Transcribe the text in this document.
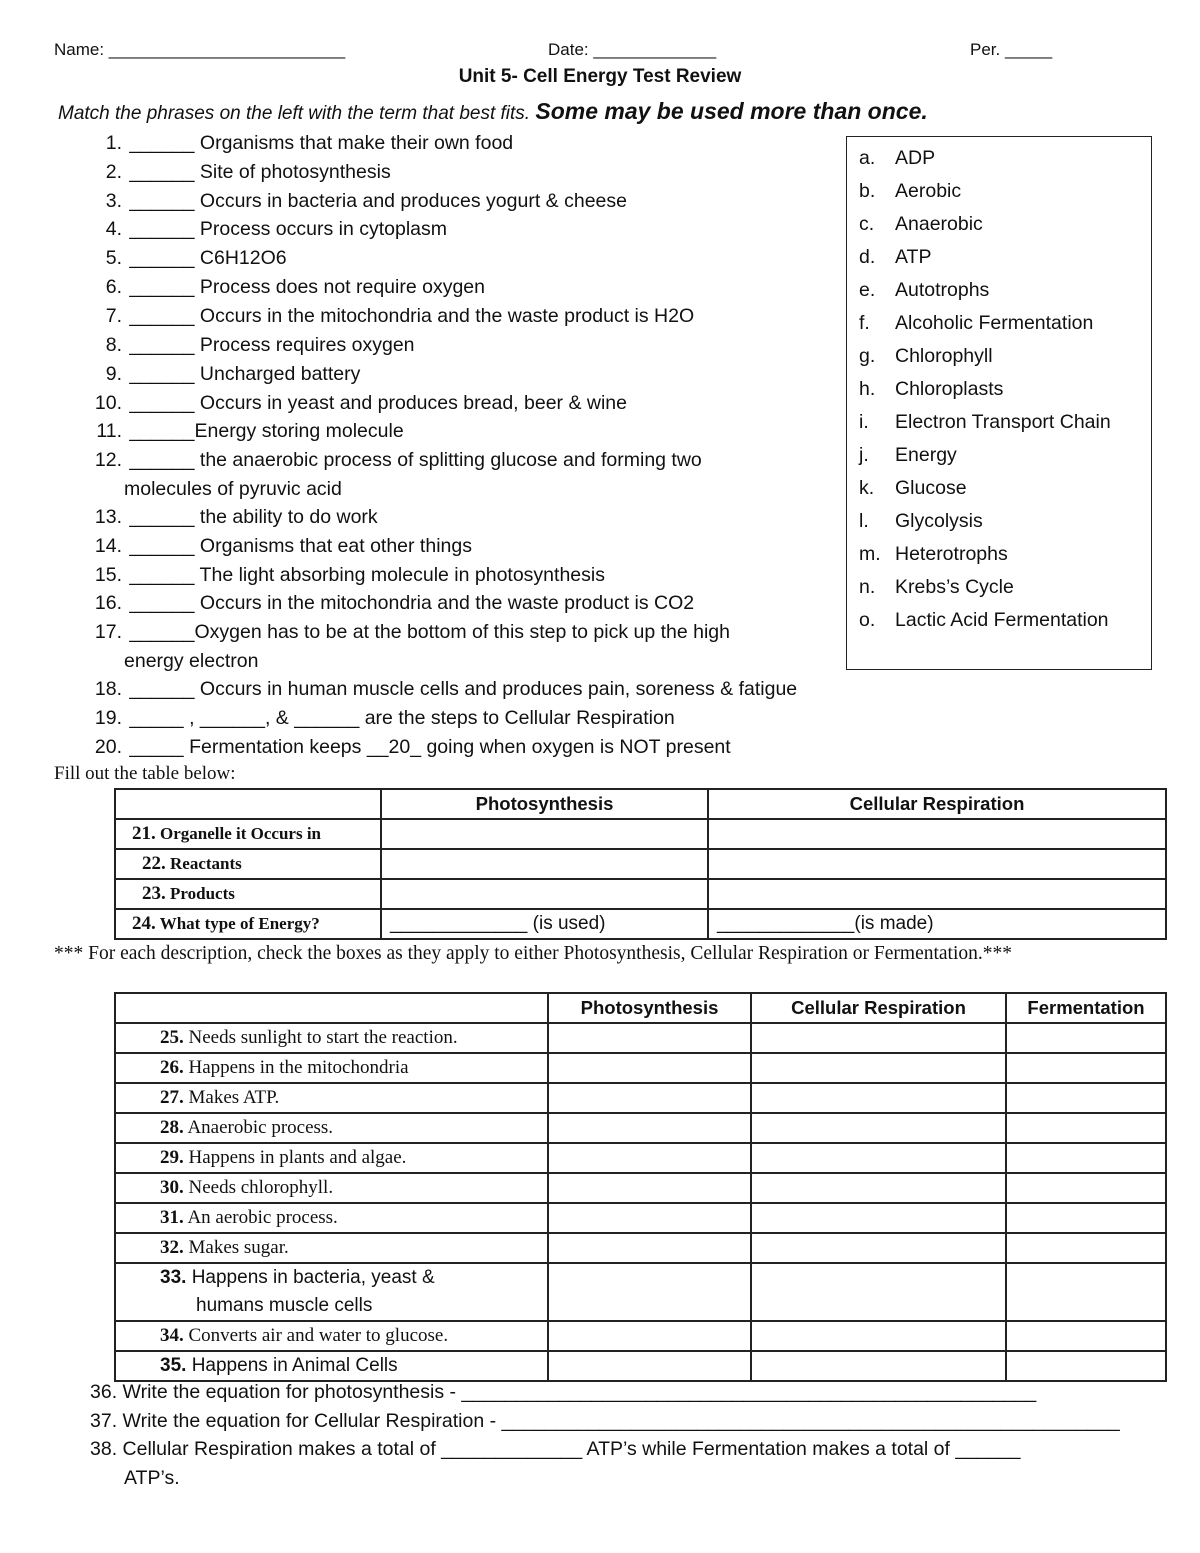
Name: _________________________	Date: _____________	Per. _____
Unit 5- Cell Energy Test Review
Match the phrases on the left with the term that best fits. Some may be used more than once.
1. ______ Organisms that make their own food
2. ______ Site of photosynthesis
3. ______ Occurs in bacteria and produces yogurt & cheese
4. ______ Process occurs in cytoplasm
5. ______ C6H12O6
6. ______ Process does not require oxygen
7. ______ Occurs in the mitochondria and the waste product is H2O
8. ______ Process requires oxygen
9. ______ Uncharged battery
10. ______ Occurs in yeast and produces bread, beer & wine
11. ______Energy storing molecule
12. ______ the anaerobic process of splitting glucose and forming two
molecules of pyruvic acid
13. ______ the ability to do work
14. ______ Organisms that eat other things
15. ______ The light absorbing molecule in photosynthesis
16. ______ Occurs in the mitochondria and the waste product is CO2
17. ______Oxygen has to be at the bottom of this step to pick up the high
energy electron
18. ______ Occurs in human muscle cells and produces pain, soreness & fatigue
19. _____ , ______, & ______ are the steps to Cellular Respiration
20. _____ Fermentation keeps __20_ going when oxygen is NOT present
a. ADP
b. Aerobic
c. Anaerobic
d. ATP
e. Autotrophs
f. Alcoholic Fermentation
g. Chlorophyll
h. Chloroplasts
i. Electron Transport Chain
j. Energy
k. Glucose
l. Glycolysis
m. Heterotrophs
n. Krebs’s Cycle
o. Lactic Acid Fermentation
Fill out the table below:
	Photosynthesis	Cellular Respiration
21. Organelle it Occurs in		
22. Reactants		
23. Products		
24. What type of Energy?	_____________ (is used)	_____________(is made)
*** For each description, check the boxes as they apply to either Photosynthesis, Cellular Respiration or Fermentation.***
	Photosynthesis	Cellular Respiration	Fermentation
25. Needs sunlight to start the reaction.			
26. Happens in the mitochondria			
27. Makes ATP.			
28. Anaerobic process.			
29. Happens in plants and algae.			
30. Needs chlorophyll.			
31. An aerobic process.			
32. Makes sugar.			
33. Happens in bacteria, yeast &
humans muscle cells			
34. Converts air and water to glucose.			
35. Happens in Animal Cells			
36. Write the equation for photosynthesis - _____________________________________________________
37. Write the equation for Cellular Respiration - _________________________________________________________
38. Cellular Respiration makes a total of _____________ ATP’s while Fermentation makes a total of ______
ATP’s.
